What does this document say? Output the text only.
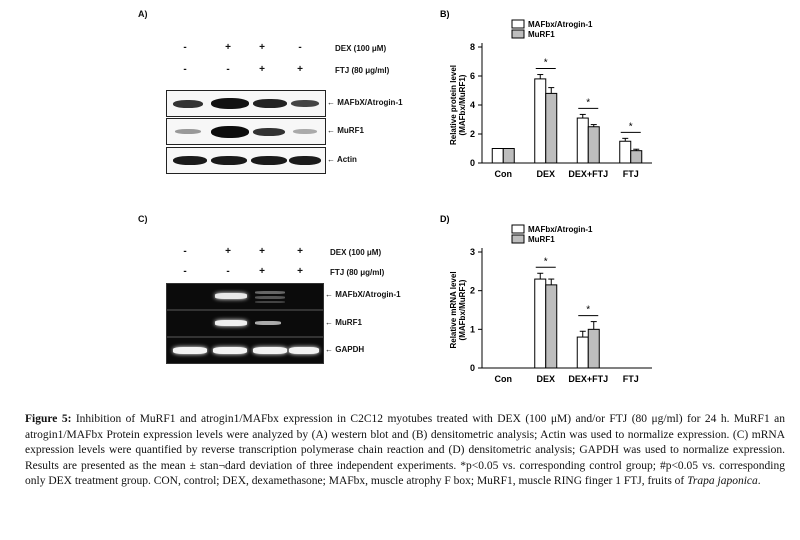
A)
-	+	+	-	DEX (100 μM)
-	-	+	+	FTJ (80 μg/ml)
← MAFbX/Atrogin-1
← MuRF1
← Actin
C)
-	+	+	+	DEX (100 μM)
-	-	+	+	FTJ (80 μg/ml)
← MAFbX/Atrogin-1
← MuRF1
← GAPDH
B)
0
2
4
6
8
Relative protein level(MAFbx/MuRF1)
Con	DEX DEX+FTJ FTJ
*
*
*
MAFbx/Atrogin-1
MuRF1
D)
0
1
2
3
Relative mRNA level(MAFbx/MuRF1)
Con	DEX DEX+FTJ FTJ
*
*
MAFbx/Atrogin-1
MuRF1
Figure 5: Inhibition of MuRF1 and atrogin1/MAFbx expression in C2C12 myotubes treated with DEX (100 μM) and/or FTJ (80 μg/ml) for 24 h. MuRF1 an atrogin1/MAFbx Protein expression levels were analyzed by (A) western blot and (B) densitometric analysis; Actin was used to normalize expression. (C) mRNA expression levels were quantified by reverse transcription polymerase chain reaction and (D) densitometric analysis; GAPDH was used to normalize expression. Results are presented as the mean ± stan¬dard deviation of three independent experiments. *p<0.05 vs. corresponding control group; #p<0.05 vs. corresponding only DEX treatment group. CON, control; DEX, dexamethasone; MAFbx, muscle atrophy F box; MuRF1, muscle RING finger 1 FTJ, fruits of Trapa japonica.
